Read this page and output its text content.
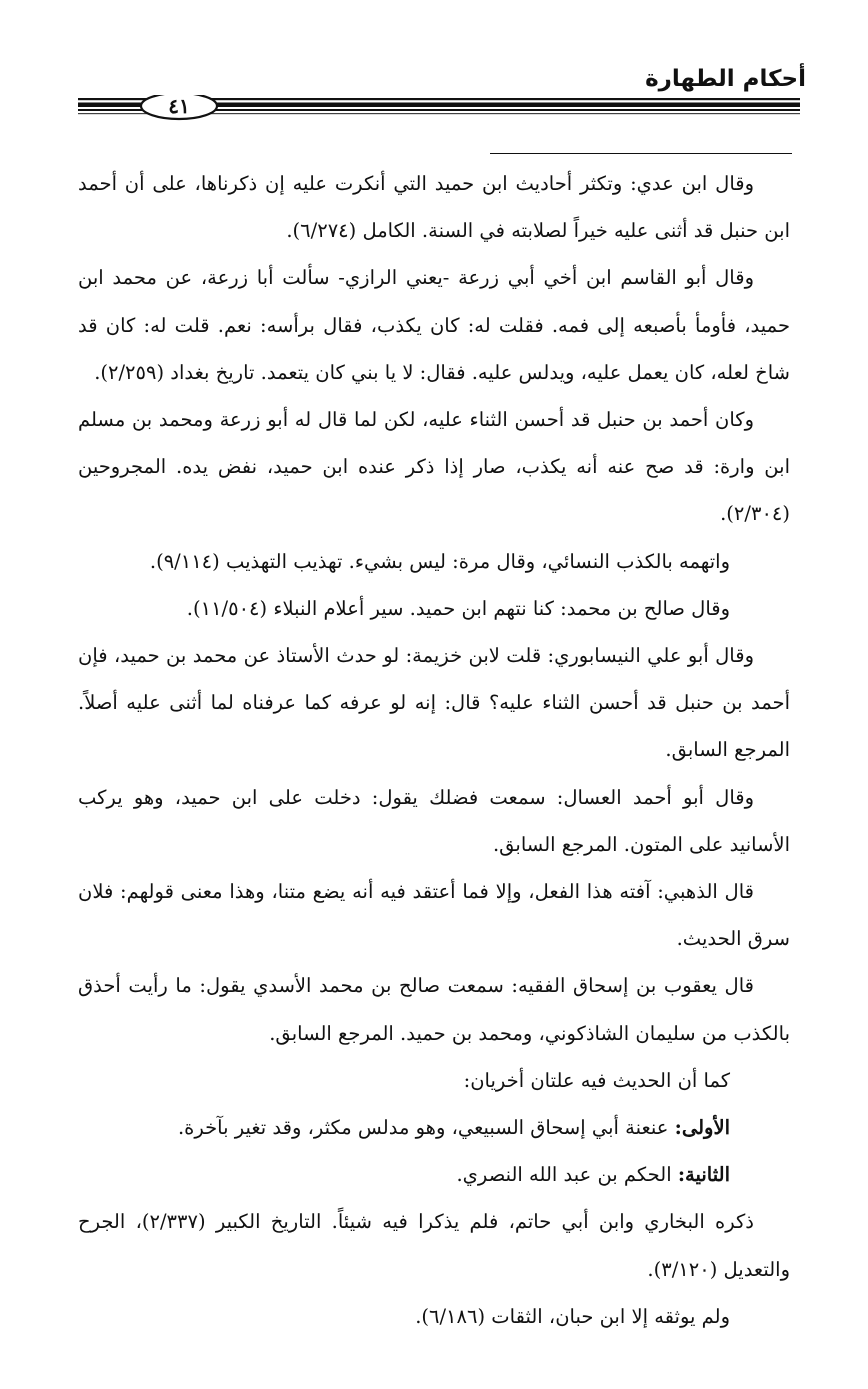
أحكام الطهارة
٤١

وقال ابن عدي: وتكثر أحاديث ابن حميد التي أنكرت عليه إن ذكرناها، على أن أحمد ابن حنبل قد أثنى عليه خيراً لصلابته في السنة. الكامل (٦/٢٧٤).

وقال أبو القاسم ابن أخي أبي زرعة -يعني الرازي- سألت أبا زرعة، عن محمد ابن حميد، فأومأ بأصبعه إلى فمه. فقلت له: كان يكذب، فقال برأسه: نعم. قلت له: كان قد شاخ لعله، كان يعمل عليه، ويدلس عليه. فقال: لا يا بني كان يتعمد. تاريخ بغداد (٢/٢٥٩).

وكان أحمد بن حنبل قد أحسن الثناء عليه، لكن لما قال له أبو زرعة ومحمد بن مسلم ابن وارة: قد صح عنه أنه يكذب، صار إذا ذكر عنده ابن حميد، نفض يده. المجروحين (٢/٣٠٤).

واتهمه بالكذب النسائي، وقال مرة: ليس بشيء. تهذيب التهذيب (٩/١١٤).

وقال صالح بن محمد: كنا نتهم ابن حميد. سير أعلام النبلاء (١١/٥٠٤).

وقال أبو علي النيسابوري: قلت لابن خزيمة: لو حدث الأستاذ عن محمد بن حميد، فإن أحمد بن حنبل قد أحسن الثناء عليه؟ قال: إنه لو عرفه كما عرفناه لما أثنى عليه أصلاً. المرجع السابق.

وقال أبو أحمد العسال: سمعت فضلك يقول: دخلت على ابن حميد، وهو يركب الأسانيد على المتون. المرجع السابق.

قال الذهبي: آفته هذا الفعل، وإلا فما أعتقد فيه أنه يضع متنا، وهذا معنى قولهم: فلان سرق الحديث.

قال يعقوب بن إسحاق الفقيه: سمعت صالح بن محمد الأسدي يقول: ما رأيت أحذق بالكذب من سليمان الشاذكوني، ومحمد بن حميد. المرجع السابق.

كما أن الحديث فيه علتان أخريان:

الأولى: عنعنة أبي إسحاق السبيعي، وهو مدلس مكثر، وقد تغير بآخرة.

الثانية: الحكم بن عبد الله النصري.

ذكره البخاري وابن أبي حاتم، فلم يذكرا فيه شيئاً. التاريخ الكبير (٢/٣٣٧)، الجرح والتعديل (٣/١٢٠).

ولم يوثقه إلا ابن حبان، الثقات (٦/١٨٦).
